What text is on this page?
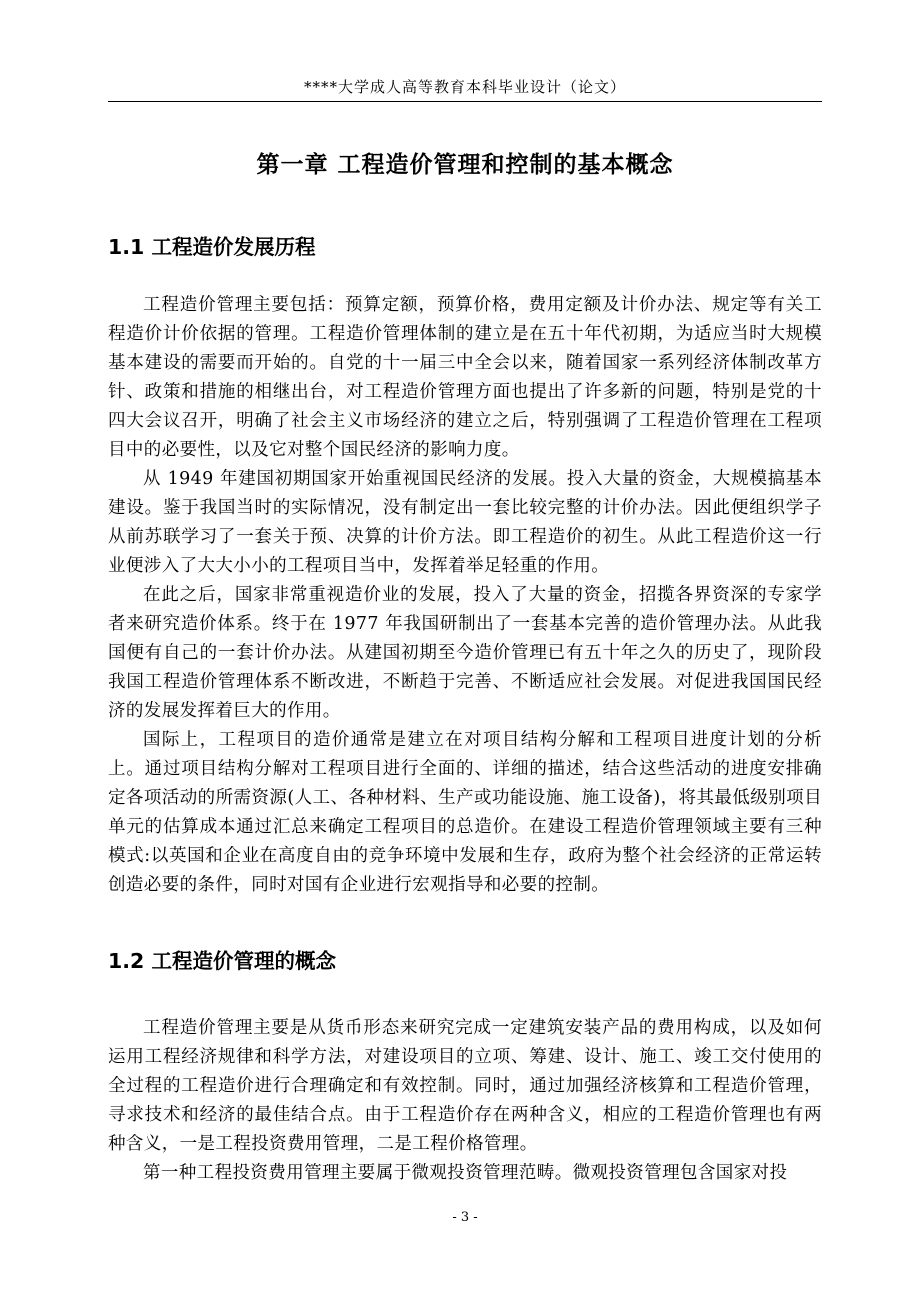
****大学成人高等教育本科毕业设计（论文）
第一章 工程造价管理和控制的基本概念
1.1 工程造价发展历程

工程造价管理主要包括：预算定额，预算价格，费用定额及计价办法、规定等有关工程造价计价依据的管理。工程造价管理体制的建立是在五十年代初期，为适应当时大规模基本建设的需要而开始的。自党的十一届三中全会以来，随着国家一系列经济体制改革方针、政策和措施的相继出台，对工程造价管理方面也提出了许多新的问题，特别是党的十四大会议召开，明确了社会主义市场经济的建立之后，特别强调了工程造价管理在工程项目中的必要性，以及它对整个国民经济的影响力度。

从 1949 年建国初期国家开始重视国民经济的发展。投入大量的资金，大规模搞基本建设。鉴于我国当时的实际情况，没有制定出一套比较完整的计价办法。因此便组织学子从前苏联学习了一套关于预、决算的计价方法。即工程造价的初生。从此工程造价这一行业便涉入了大大小小的工程项目当中，发挥着举足轻重的作用。

在此之后，国家非常重视造价业的发展，投入了大量的资金，招揽各界资深的专家学者来研究造价体系。终于在 1977 年我国研制出了一套基本完善的造价管理办法。从此我国便有自己的一套计价办法。从建国初期至今造价管理已有五十年之久的历史了，现阶段我国工程造价管理体系不断改进，不断趋于完善、不断适应社会发展。对促进我国国民经济的发展发挥着巨大的作用。

国际上，工程项目的造价通常是建立在对项目结构分解和工程项目进度计划的分析上。通过项目结构分解对工程项目进行全面的、详细的描述，结合这些活动的进度安排确定各项活动的所需资源(人工、各种材料、生产或功能设施、施工设备)，将其最低级别项目单元的估算成本通过汇总来确定工程项目的总造价。在建设工程造价管理领域主要有三种模式:以英国和企业在高度自由的竞争环境中发展和生存，政府为整个社会经济的正常运转创造必要的条件，同时对国有企业进行宏观指导和必要的控制。

1.2 工程造价管理的概念

工程造价管理主要是从货币形态来研究完成一定建筑安装产品的费用构成，以及如何运用工程经济规律和科学方法，对建设项目的立项、筹建、设计、施工、竣工交付使用的全过程的工程造价进行合理确定和有效控制。同时，通过加强经济核算和工程造价管理，寻求技术和经济的最佳结合点。由于工程造价存在两种含义，相应的工程造价管理也有两种含义，一是工程投资费用管理，二是工程价格管理。

第一种工程投资费用管理主要属于微观投资管理范畴。微观投资管理包含国家对投

- 3 -
